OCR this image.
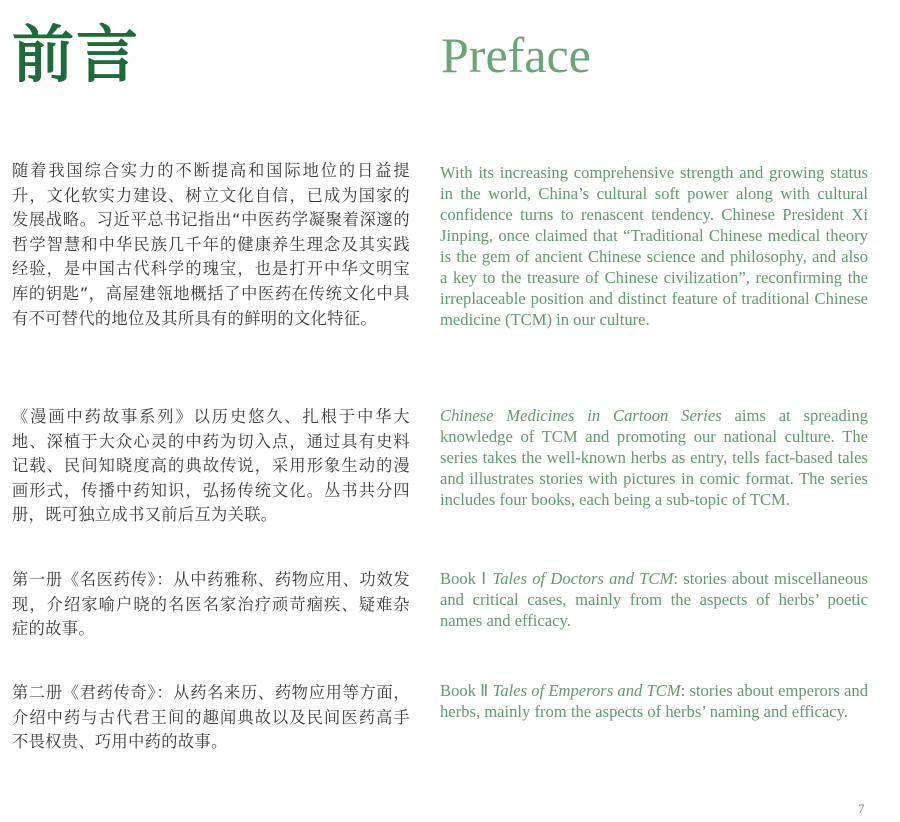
前言	Preface
随着我国综合实力的不断提高和国际地位的日益提升，文化软实力建设、树立文化自信，已成为国家的发展战略。习近平总书记指出“中医药学凝聚着深邃的哲学智慧和中华民族几千年的健康养生理念及其实践经验，是中国古代科学的瑰宝，也是打开中华文明宝库的钥匙”，高屋建瓴地概括了中医药在传统文化中具有不可替代的地位及其所具有的鲜明的文化特征。
《漫画中药故事系列》以历史悠久、扎根于中华大地、深植于大众心灵的中药为切入点，通过具有史料记载、民间知晓度高的典故传说，采用形象生动的漫画形式，传播中药知识，弘扬传统文化。丛书共分四册，既可独立成书又前后互为关联。
第一册《名医药传》：从中药雅称、药物应用、功效发现，介绍家喻户晓的名医名家治疗顽苛痼疾、疑难杂症的故事。
第二册《君药传奇》：从药名来历、药物应用等方面，介绍中药与古代君王间的趣闻典故以及民间医药高手不畏权贵、巧用中药的故事。
With its increasing comprehensive strength and growing status in the world, China’s cultural soft power along with cultural confidence turns to renascent tendency. Chinese President Xi Jinping, once claimed that “Traditional Chinese medical theory is the gem of ancient Chinese science and philosophy, and also a key to the treasure of Chinese civilization”, reconfirming the irreplaceable position and distinct feature of traditional Chinese medicine (TCM) in our culture.
Chinese Medicines in Cartoon Series aims at spreading knowledge of TCM and promoting our national culture. The series takes the well-known herbs as entry, tells fact-based tales and illustrates stories with pictures in comic format. The series includes four books, each being a sub-topic of TCM.
Book Ⅰ Tales of Doctors and TCM: stories about miscellaneous and critical cases, mainly from the aspects of herbs’ poetic names and efficacy.
Book Ⅱ Tales of Emperors and TCM: stories about emperors and herbs, mainly from the aspects of herbs’ naming and efficacy.
7
